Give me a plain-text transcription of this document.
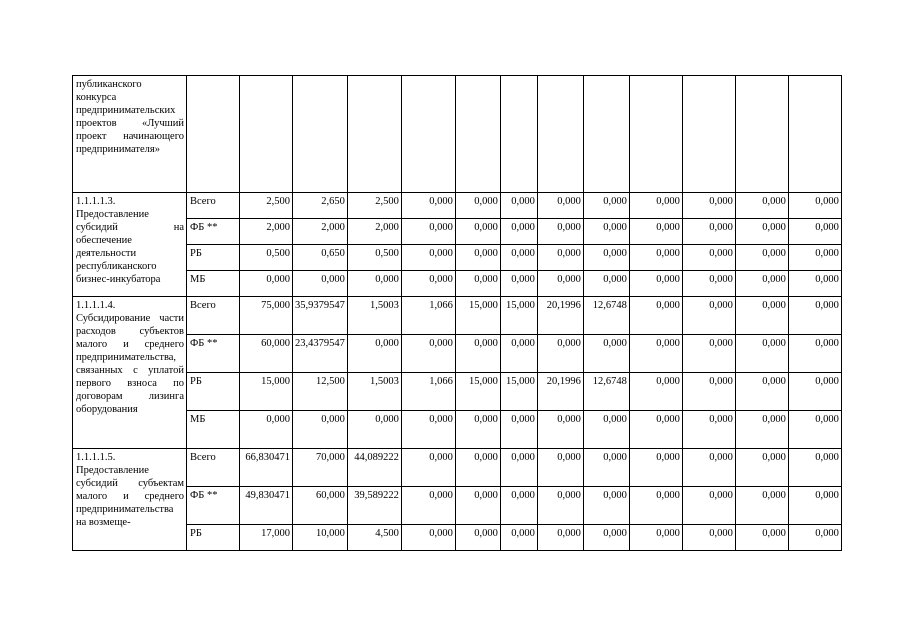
публиканского конкурса предпринимательских проектов «Лучший проект начинающего предпринимателя»													
1.1.1.1.3. Предоставление субсидий на обеспечение деятельности республиканского бизнес-инкубатора	Всего	2,500	2,650	2,500	0,000	0,000	0,000	0,000	0,000	0,000	0,000	0,000	0,000
	ФБ **	2,000	2,000	2,000	0,000	0,000	0,000	0,000	0,000	0,000	0,000	0,000	0,000
	РБ	0,500	0,650	0,500	0,000	0,000	0,000	0,000	0,000	0,000	0,000	0,000	0,000
	МБ	0,000	0,000	0,000	0,000	0,000	0,000	0,000	0,000	0,000	0,000	0,000	0,000
1.1.1.1.4. Субсидирование части расходов субъектов малого и среднего предпринимательства, связанных с уплатой первого взноса по договорам лизинга оборудования	Всего	75,000	35,9379547	1,5003	1,066	15,000	15,000	20,1996	12,6748	0,000	0,000	0,000	0,000
	ФБ **	60,000	23,4379547	0,000	0,000	0,000	0,000	0,000	0,000	0,000	0,000	0,000	0,000
	РБ	15,000	12,500	1,5003	1,066	15,000	15,000	20,1996	12,6748	0,000	0,000	0,000	0,000
	МБ	0,000	0,000	0,000	0,000	0,000	0,000	0,000	0,000	0,000	0,000	0,000	0,000
1.1.1.1.5. Предоставление субсидий субъектам малого и среднего предпринимательства на возмеще-	Всего	66,830471	70,000	44,089222	0,000	0,000	0,000	0,000	0,000	0,000	0,000	0,000	0,000
	ФБ **	49,830471	60,000	39,589222	0,000	0,000	0,000	0,000	0,000	0,000	0,000	0,000	0,000
	РБ	17,000	10,000	4,500	0,000	0,000	0,000	0,000	0,000	0,000	0,000	0,000	0,000
